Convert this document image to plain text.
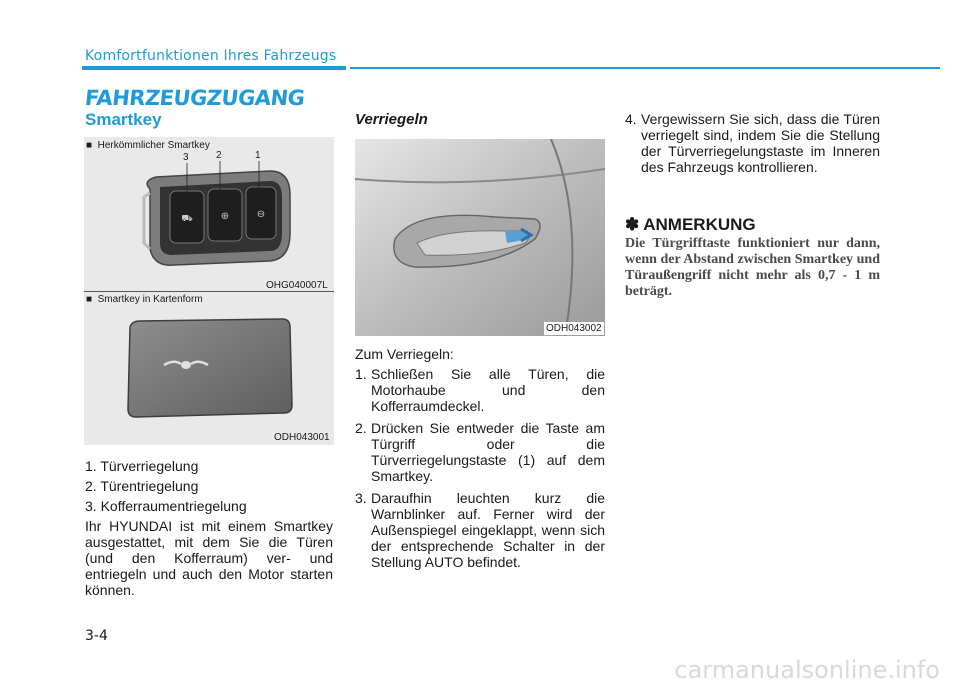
Komfortfunktionen Ihres Fahrzeugs
FAHRZEUGZUGANG
Smartkey
⛟	⊕	⊖
■  Herkömmlicher Smartkey
3	2	1
OHG040007L
■  Smartkey in Kartenform
ODH043001

1. Türverriegelung

2. Türentriegelung

3. Kofferraumentriegelung

Ihr HYUNDAI ist mit einem Smartkey ausgestattet, mit dem Sie die Türen (und den Kofferraum) ver- und entriegeln und auch den Motor starten können.

Verriegeln
ODH043002

Zum Verriegeln:

1. Schließen Sie alle Türen, die Motorhaube und den Kofferraumdeckel.
2. Drücken Sie entweder die Taste am Türgriff oder die Türverriegelungstaste (1) auf dem Smartkey.
3. Daraufhin leuchten kurz die Warnblinker auf. Ferner wird der Außenspiegel eingeklappt, wenn sich der entsprechende Schalter in der Stellung AUTO befindet.
4. Vergewissern Sie sich, dass die Türen verriegelt sind, indem Sie die Stellung der Türverriegelungstaste im Inneren des Fahrzeugs kontrollieren.
✽ ANMERKUNG
Die Türgrifftaste funktioniert nur dann, wenn der Abstand zwischen Smartkey und Türaußengriff nicht mehr als 0,7 - 1 m beträgt.
3-4
carmanualsonline.info
